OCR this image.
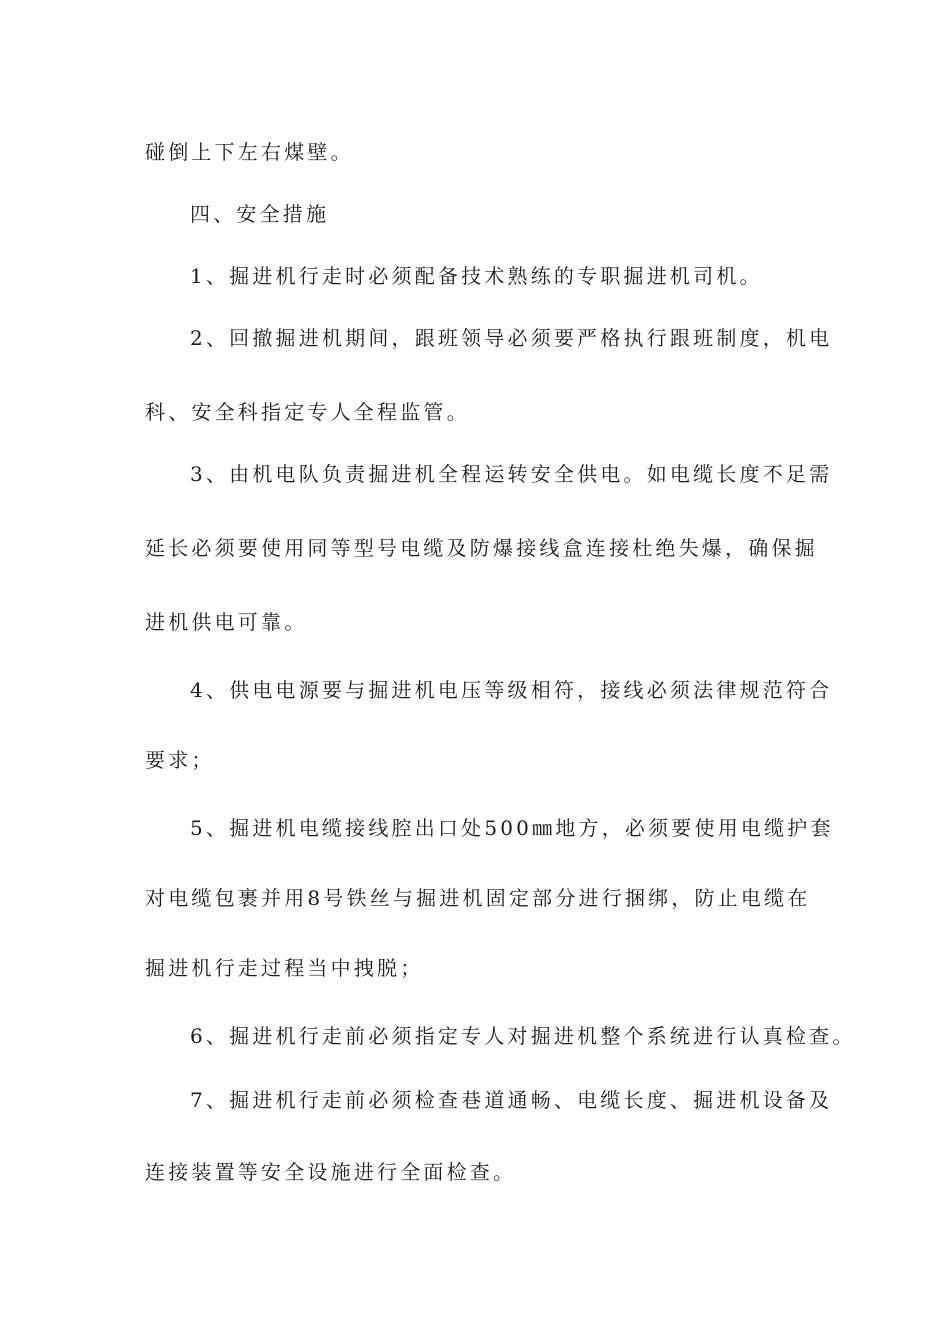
碰倒上下左右煤壁。
四、安全措施
1、掘进机行走时必须配备技术熟练的专职掘进机司机。
2、回撤掘进机期间，跟班领导必须要严格执行跟班制度，机电
科、安全科指定专人全程监管。
3、由机电队负责掘进机全程运转安全供电。如电缆长度不足需
延长必须要使用同等型号电缆及防爆接线盒连接杜绝失爆，确保掘
进机供电可靠。
4、供电电源要与掘进机电压等级相符，接线必须法律规范符合
要求；
5、掘进机电缆接线腔出口处500㎜地方，必须要使用电缆护套
对电缆包裹并用8号铁丝与掘进机固定部分进行捆绑，防止电缆在
掘进机行走过程当中拽脱；
6、掘进机行走前必须指定专人对掘进机整个系统进行认真检查。
7、掘进机行走前必须检查巷道通畅、电缆长度、掘进机设备及
连接装置等安全设施进行全面检查。
